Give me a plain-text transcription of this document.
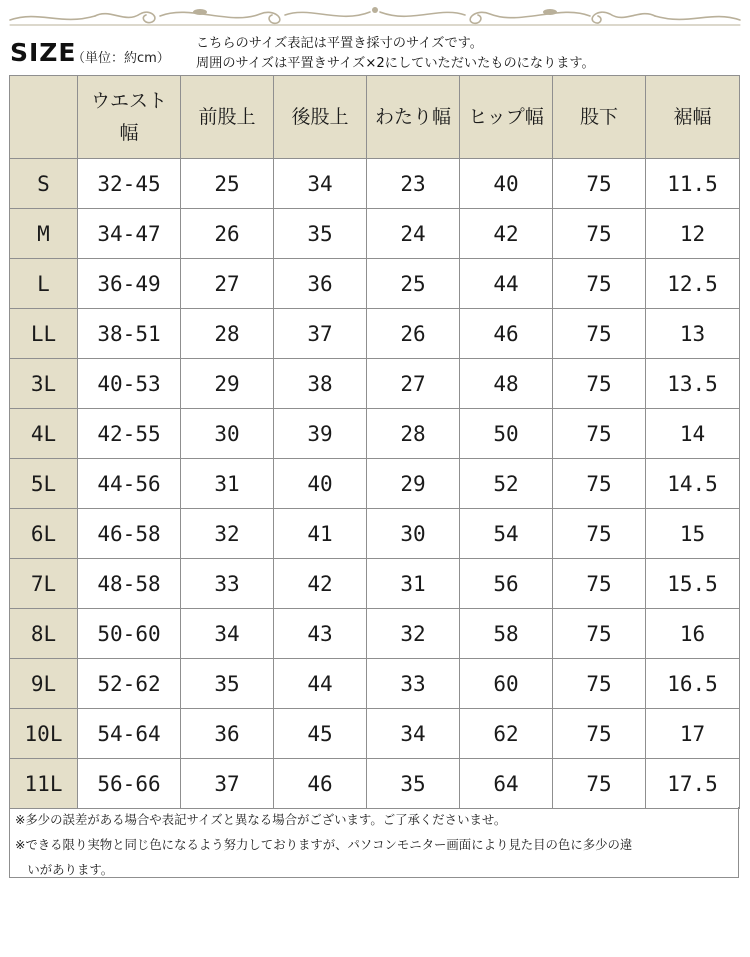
SIZE
（単位：約cm）
こちらのサイズ表記は平置き採寸のサイズです。
周囲のサイズは平置きサイズ×2にしていただいたものになります。
	ウエスト幅	前股上	後股上	わたり幅	ヒップ幅	股下	裾幅
S	32-45	25	34	23	40	75	11.5
M	34-47	26	35	24	42	75	12
L	36-49	27	36	25	44	75	12.5
LL	38-51	28	37	26	46	75	13
3L	40-53	29	38	27	48	75	13.5
4L	42-55	30	39	28	50	75	14
5L	44-56	31	40	29	52	75	14.5
6L	46-58	32	41	30	54	75	15
7L	48-58	33	42	31	56	75	15.5
8L	50-60	34	43	32	58	75	16
9L	52-62	35	44	33	60	75	16.5
10L	54-64	36	45	34	62	75	17
11L	56-66	37	46	35	64	75	17.5
※多少の誤差がある場合や表記サイズと異なる場合がございます。ご了承くださいませ。
※できる限り実物と同じ色になるよう努力しておりますが、パソコンモニター画面により見た目の色に多少の違
　いがあります。
